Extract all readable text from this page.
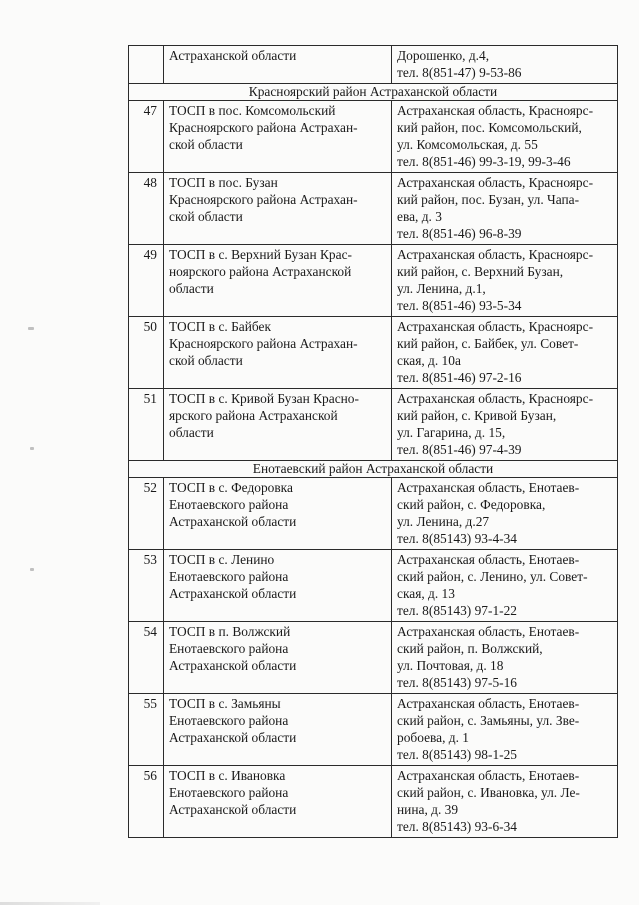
	Астраханской области	Дорошенко, д.4,
тел. 8(851-47) 9-53-86

Красноярский район Астраханской области		
47	ТОСП в пос. Комсомольский
Красноярского района Астрахан-
ской области	Астраханская область, Красноярс-
кий район, пос. Комсомольский,
ул. Комсомольская, д. 55
тел. 8(851-46) 99-3-19, 99-3-46

48	ТОСП в пос. Бузан
Красноярского района Астрахан-
ской области	Астраханская область, Красноярс-
кий район, пос. Бузан, ул. Чапа-
ева, д. 3
тел. 8(851-46) 96-8-39

49	ТОСП в с. Верхний Бузан Крас-
ноярского района Астраханской
области	Астраханская область, Красноярс-
кий район, с. Верхний Бузан,
ул. Ленина, д.1,
тел. 8(851-46) 93-5-34

50	ТОСП в с. Байбек
Красноярского района Астрахан-
ской области	Астраханская область, Красноярс-
кий район, с. Байбек, ул. Совет-
ская, д. 10а
тел. 8(851-46) 97-2-16

51	ТОСП в с. Кривой Бузан Красно-
ярского района Астраханской
области	Астраханская область, Красноярс-
кий район, с. Кривой Бузан,
ул. Гагарина, д. 15,
тел. 8(851-46) 97-4-39

Енотаевский район Астраханской области		
52	ТОСП в с. Федоровка
Енотаевского района
Астраханской области	Астраханская область, Енотаев-
ский район, с. Федоровка,
ул. Ленина, д.27
тел. 8(85143) 93-4-34

53	ТОСП в с. Ленино
Енотаевского района
Астраханской области	Астраханская область, Енотаев-
ский район, с. Ленино, ул. Совет-
ская, д. 13
тел. 8(85143) 97-1-22

54	ТОСП в п. Волжский
Енотаевского района
Астраханской области	Астраханская область, Енотаев-
ский район, п. Волжский,
ул. Почтовая, д. 18
тел. 8(85143) 97-5-16

55	ТОСП в с. Замьяны
Енотаевского района
Астраханской области	Астраханская область, Енотаев-
ский район, с. Замьяны, ул. Зве-
робоева, д. 1
тел. 8(85143) 98-1-25

56	ТОСП в с. Ивановка
Енотаевского района
Астраханской области	Астраханская область, Енотаев-
ский район, с. Ивановка, ул. Ле-
нина, д. 39
тел. 8(85143) 93-6-34
